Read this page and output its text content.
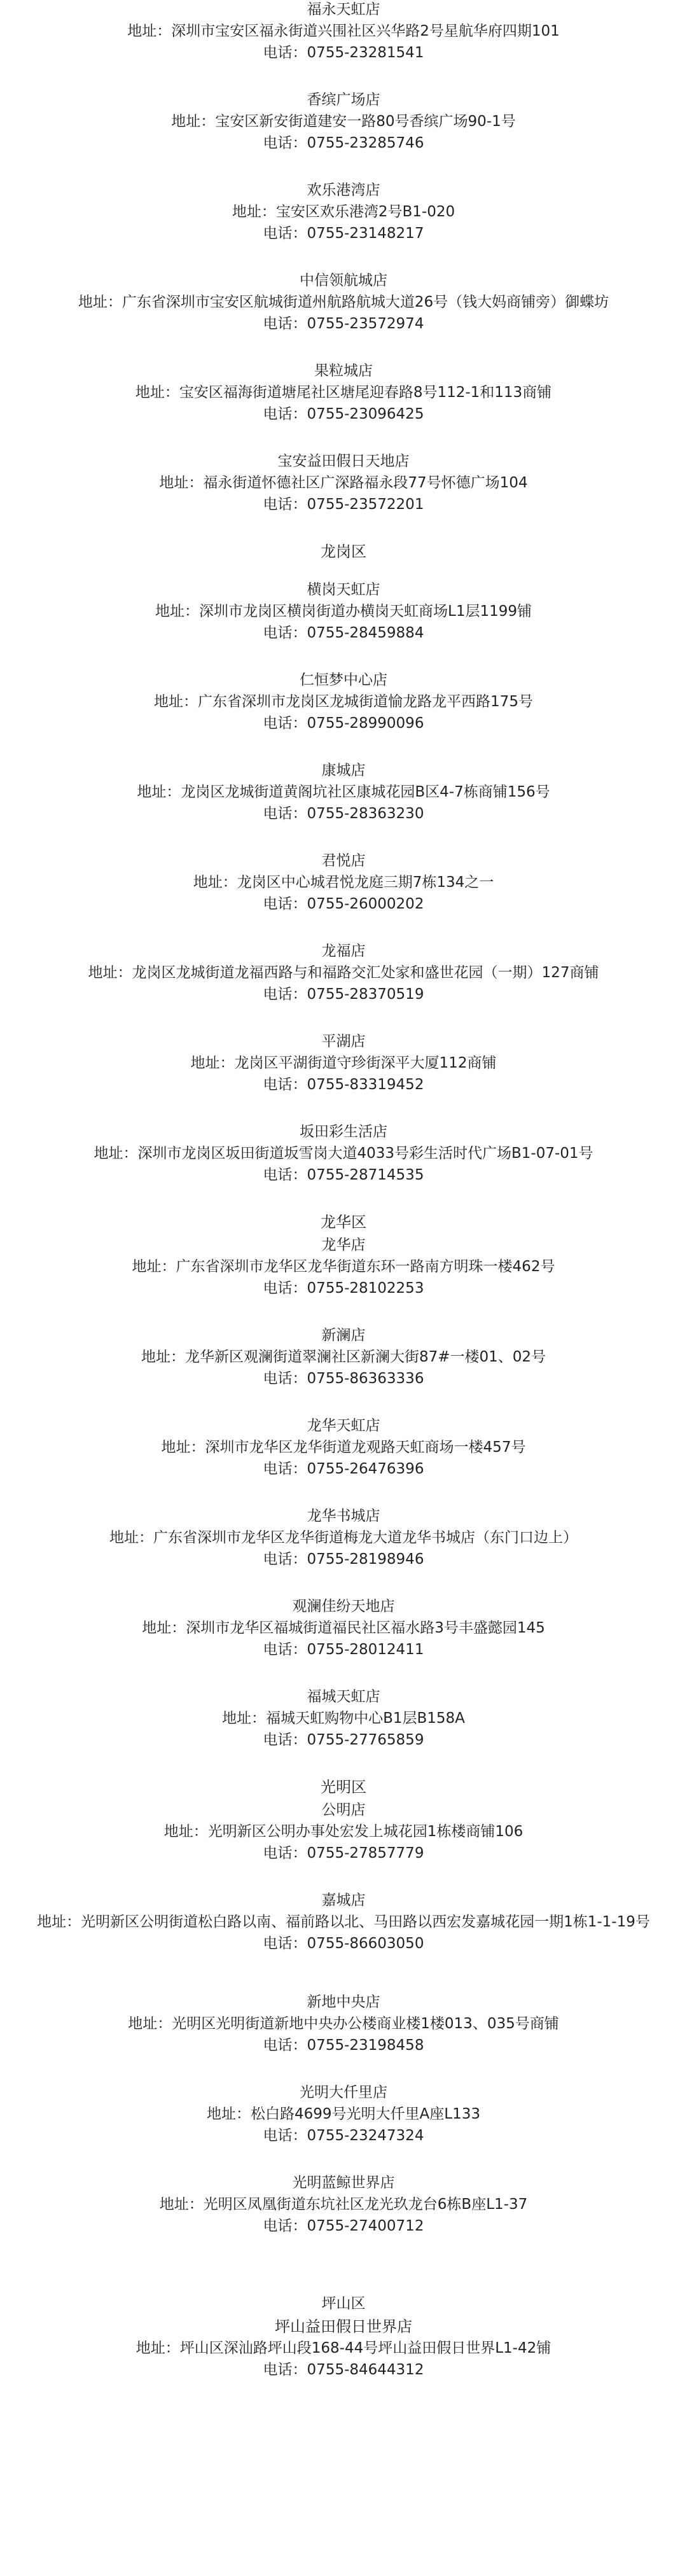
福永天虹店
地址：深圳市宝安区福永街道兴围社区兴华路2号星航华府四期101
电话：0755-23281541
香缤广场店
地址：宝安区新安街道建安一路80号香缤广场90-1号
电话：0755-23285746
欢乐港湾店
地址：宝安区欢乐港湾2号B1-020
电话：0755-23148217
中信领航城店
地址：广东省深圳市宝安区航城街道州航路航城大道26号（钱大妈商铺旁）御蝶坊
电话：0755-23572974
果粒城店
地址：宝安区福海街道塘尾社区塘尾迎春路8号112-1和113商铺
电话：0755-23096425
宝安益田假日天地店
地址：福永街道怀德社区广深路福永段77号怀德广场104
电话：0755-23572201
龙岗区
横岗天虹店
地址：深圳市龙岗区横岗街道办横岗天虹商场L1层1199铺
电话：0755-28459884
仁恒梦中心店
地址：广东省深圳市龙岗区龙城街道愉龙路龙平西路175号
电话：0755-28990096
康城店
地址：龙岗区龙城街道黄阁坑社区康城花园B区4-7栋商铺156号
电话：0755-28363230
君悦店
地址：龙岗区中心城君悦龙庭三期7栋134之一
电话：0755-26000202
龙福店
地址：龙岗区龙城街道龙福西路与和福路交汇处家和盛世花园（一期）127商铺
电话：0755-28370519
平湖店
地址：龙岗区平湖街道守珍街深平大厦112商铺
电话：0755-83319452
坂田彩生活店
地址：深圳市龙岗区坂田街道坂雪岗大道4033号彩生活时代广场B1-07-01号
电话：0755-28714535
龙华区
龙华店
地址：广东省深圳市龙华区龙华街道东环一路南方明珠一楼462号
电话：0755-28102253
新澜店
地址：龙华新区观澜街道翠澜社区新澜大街87#一楼01、02号
电话：0755-86363336
龙华天虹店
地址：深圳市龙华区龙华街道龙观路天虹商场一楼457号
电话：0755-26476396
龙华书城店
地址：广东省深圳市龙华区龙华街道梅龙大道龙华书城店（东门口边上）
电话：0755-28198946
观澜佳纷天地店
地址：深圳市龙华区福城街道福民社区福水路3号丰盛懿园145
电话：0755-28012411
福城天虹店
地址：福城天虹购物中心B1层B158A
电话：0755-27765859
光明区
公明店
地址：光明新区公明办事处宏发上城花园1栋楼商铺106
电话：0755-27857779
嘉城店
地址：光明新区公明街道松白路以南、福前路以北、马田路以西宏发嘉城花园一期1栋1-1-19号
电话：0755-86603050
新地中央店
地址：光明区光明街道新地中央办公楼商业楼1楼013、035号商铺
电话：0755-23198458
光明大仟里店
地址：松白路4699号光明大仟里A座L133
电话：0755-23247324
光明蓝鲸世界店
地址：光明区凤凰街道东坑社区龙光玖龙台6栋B座L1-37
电话：0755-27400712
坪山区
坪山益田假日世界店
地址：坪山区深汕路坪山段168-44号坪山益田假日世界L1-42铺
电话：0755-84644312
